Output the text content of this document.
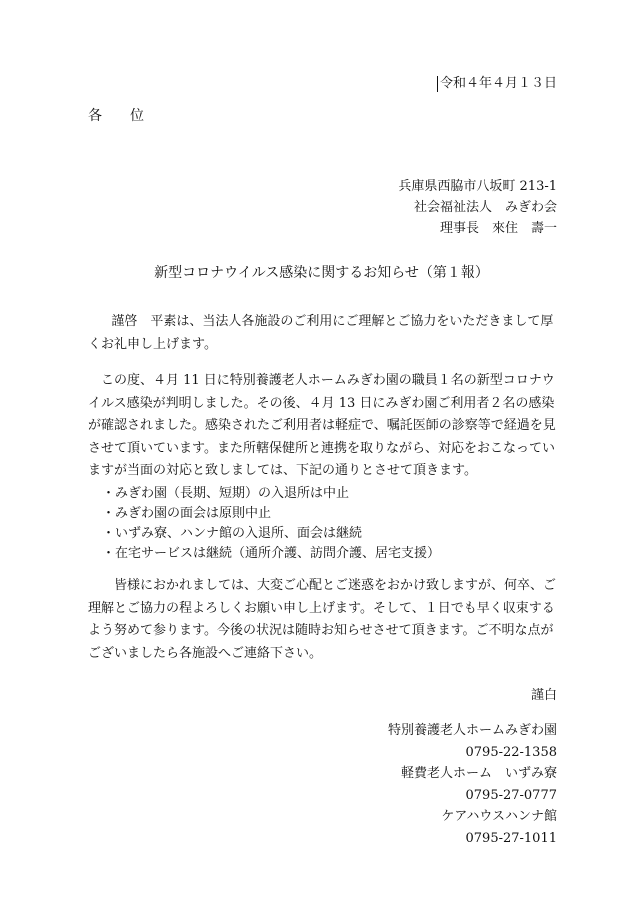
令和４年４月１３日
各位
兵庫県西脇市八坂町 213-1
社会福祉法人　みぎわ会
理事長　來住　壽一
新型コロナウイルス感染に関するお知らせ（第１報）
謹啓　平素は、当法人各施設のご利用にご理解とご協力をいただきまして厚くお礼申し上げます。
この度、４月 11 日に特別養護老人ホームみぎわ園の職員１名の新型コロナウイルス感染が判明しました。その後、４月 13 日にみぎわ園ご利用者２名の感染が確認されました。感染されたご利用者は軽症で、嘱託医師の診察等で経過を見させて頂いています。また所轄保健所と連携を取りながら、対応をおこなっていますが当面の対応と致しましては、下記の通りとさせて頂きます。
・みぎわ園（長期、短期）の入退所は中止
・みぎわ園の面会は原則中止
・いずみ寮、ハンナ館の入退所、面会は継続
・在宅サービスは継続（通所介護、訪問介護、居宅支援）
皆様におかれましては、大変ご心配とご迷惑をおかけ致しますが、何卒、ご理解とご協力の程よろしくお願い申し上げます。そして、１日でも早く収束するよう努めて参ります。今後の状況は随時お知らせさせて頂きます。ご不明な点がございましたら各施設へご連絡下さい。
謹白
特別養護老人ホームみぎわ園
0795-22-1358
軽費老人ホーム　いずみ寮
0795-27-0777
ケアハウスハンナ館
0795-27-1011
